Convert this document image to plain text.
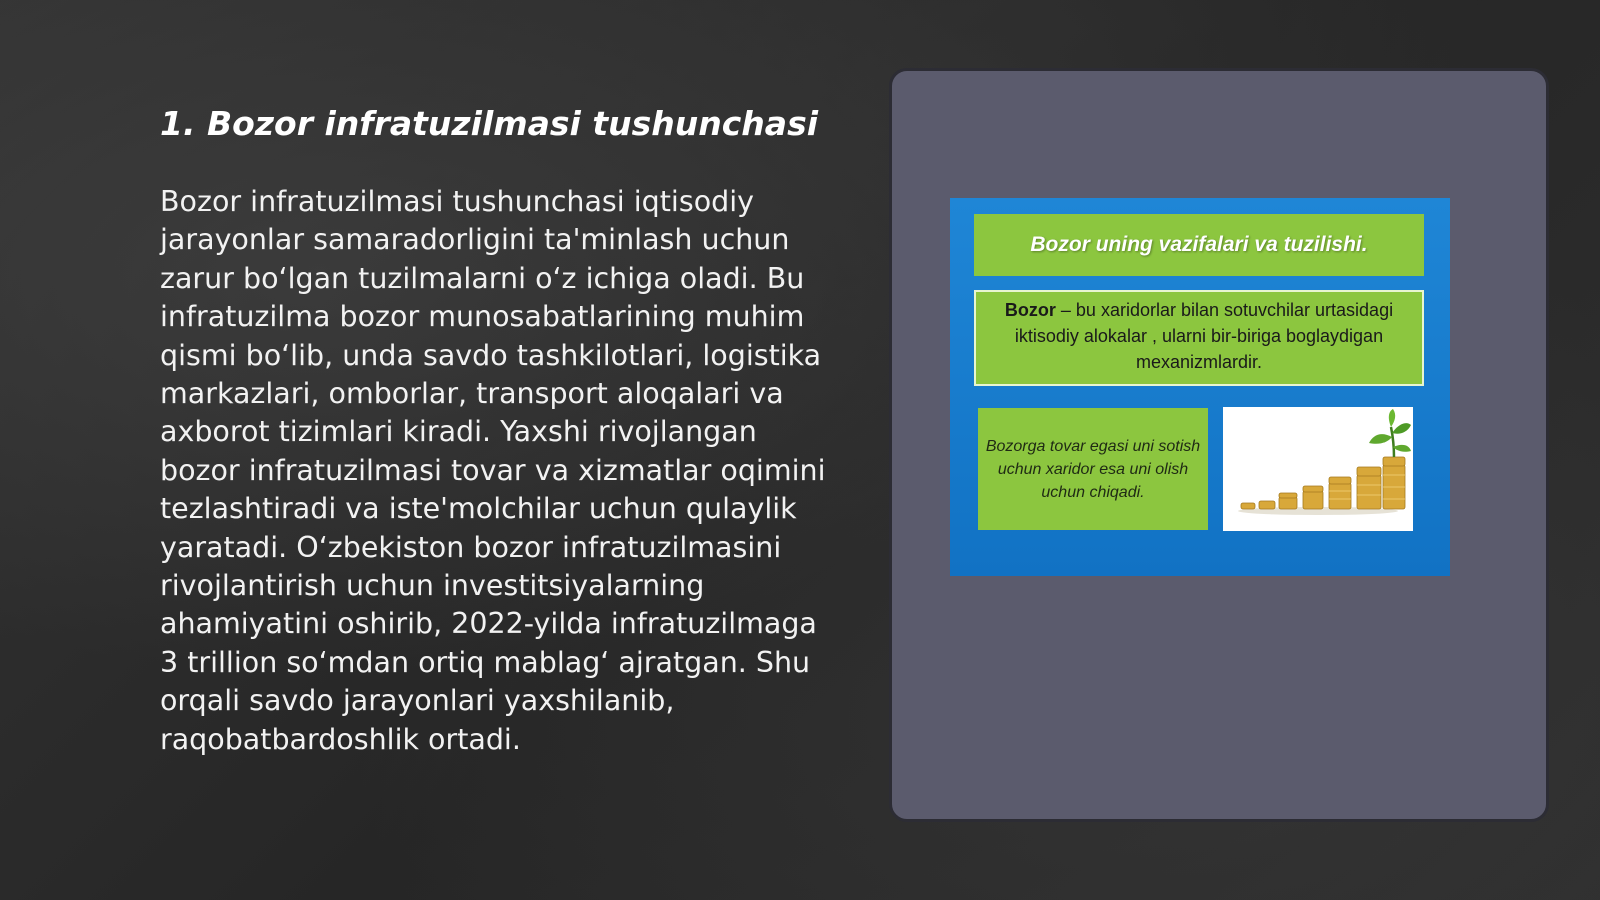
1. Bozor infratuzilmasi tushunchasi

Bozor infratuzilmasi tushunchasi iqtisodiy jarayonlar samaradorligini ta'minlash uchun zarur bo‘lgan tuzilmalarni o‘z ichiga oladi. Bu infratuzilma bozor munosabatlarining muhim qismi bo‘lib, unda savdo tashkilotlari, logistika markazlari, omborlar, transport aloqalari va axborot tizimlari kiradi. Yaxshi rivojlangan bozor infratuzilmasi tovar va xizmatlar oqimini tezlashtiradi va iste'molchilar uchun qulaylik yaratadi. O‘zbekiston bozor infratuzilmasini rivojlantirish uchun investitsiyalarning ahamiyatini oshirib, 2022-yilda infratuzilmaga 3 trillion so‘mdan ortiq mablag‘ ajratgan. Shu orqali savdo jarayonlari yaxshilanib, raqobatbardoshlik ortadi.

Bozor uning vazifalari va tuzilishi.
Bozor – bu xaridorlar bilan sotuvchilar urtasidagi iktisodiy alokalar , ularni bir-biriga boglaydigan mexanizmlardir.
Bozorga tovar egasi uni sotish uchun xaridor esa uni olish uchun chiqadi.
